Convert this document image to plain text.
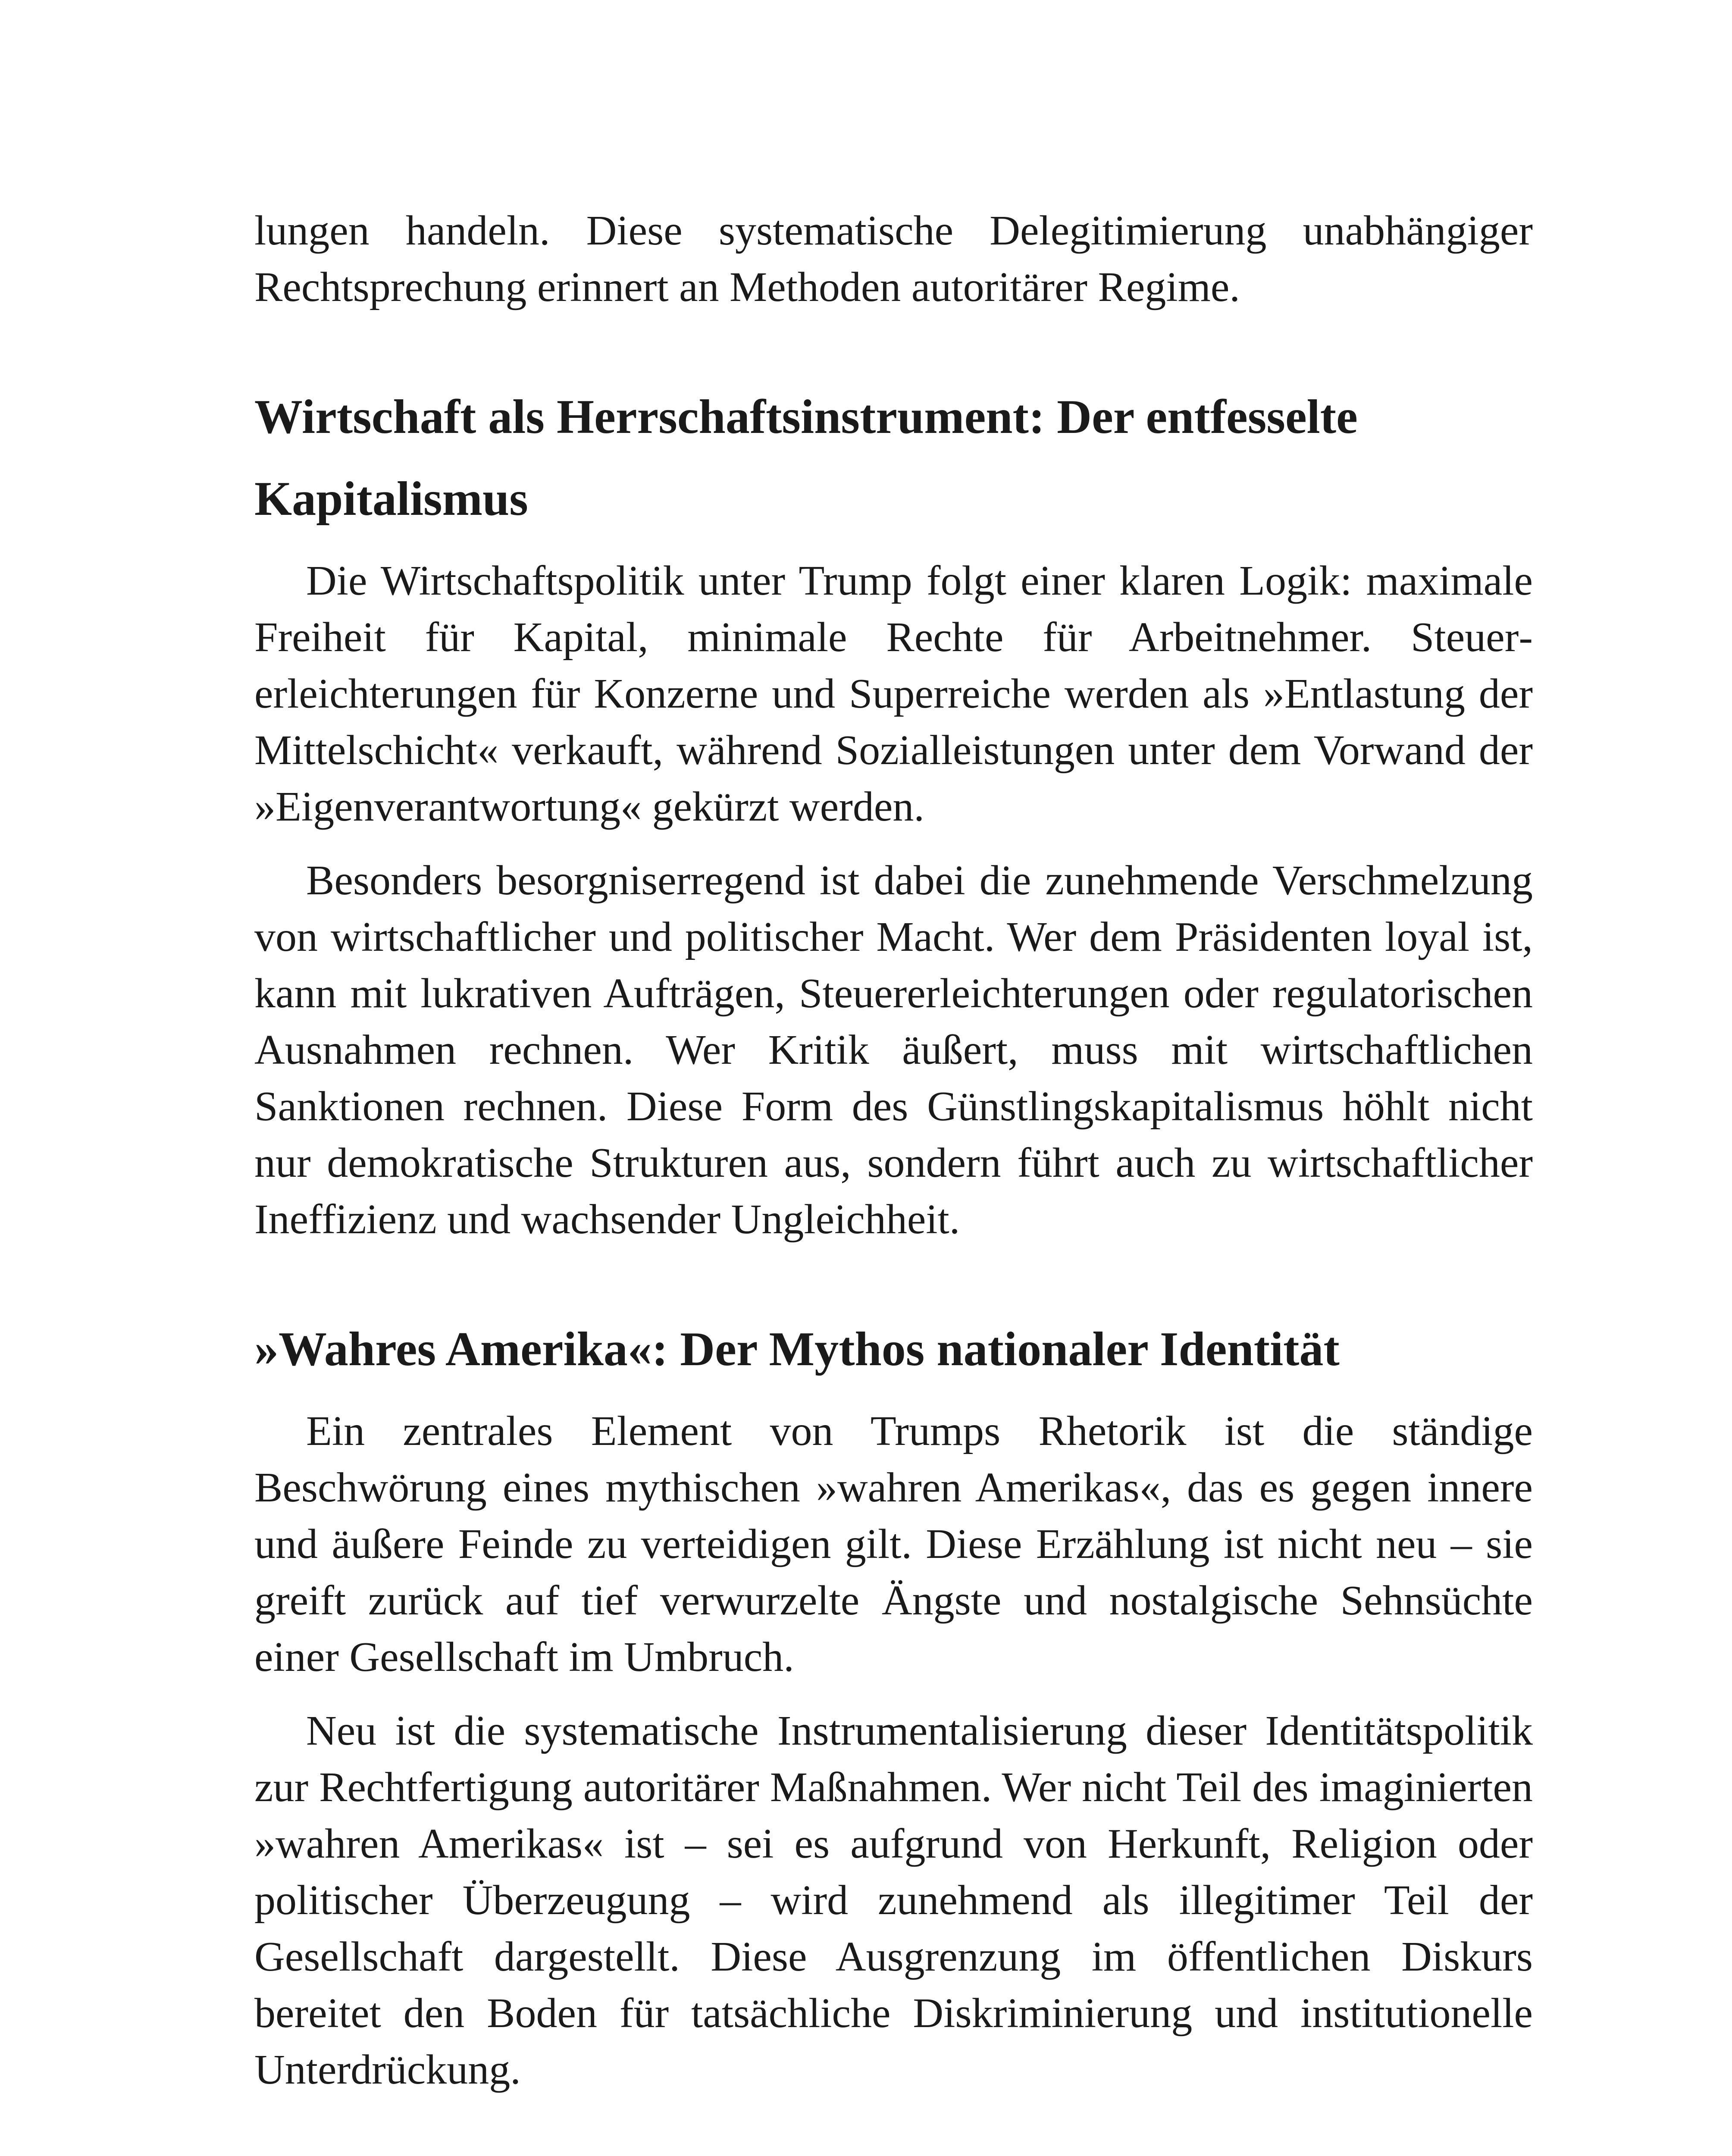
lungen handeln. Diese systematische Delegitimierung unabhängiger Rechtsprechung erinnert an Methoden autoritärer Regime.

Wirtschaft als Herrschaftsinstrument: Der entfesselte Kapitalismus

Die Wirtschaftspolitik unter Trump folgt einer klaren Logik: maximale Freiheit für Kapital, minimale Rechte für Arbeitnehmer. Steuererleichterungen für Konzerne und Superreiche werden als »Entlastung der Mittelschicht« verkauft, während Sozialleistungen unter dem Vorwand der »Eigenverantwortung« gekürzt werden.

Besonders besorgniserregend ist dabei die zunehmende Verschmelzung von wirtschaftlicher und politischer Macht. Wer dem Präsidenten loyal ist, kann mit lukrativen Aufträgen, Steuererleichterungen oder regulatorischen Ausnahmen rechnen. Wer Kritik äußert, muss mit wirtschaftlichen Sanktionen rechnen. Diese Form des Günstlingskapitalismus höhlt nicht nur demokratische Strukturen aus, sondern führt auch zu wirtschaftlicher Ineffizienz und wachsender Ungleichheit.

»Wahres Amerika«: Der Mythos nationaler Identität

Ein zentrales Element von Trumps Rhetorik ist die ständige Beschwörung eines mythischen »wahren Amerikas«, das es gegen innere und äußere Feinde zu verteidigen gilt. Diese Erzählung ist nicht neu – sie greift zurück auf tief verwurzelte Ängste und nostalgische Sehnsüchte einer Gesellschaft im Umbruch.

Neu ist die systematische Instrumentalisierung dieser Identitätspolitik zur Rechtfertigung autoritärer Maßnahmen. Wer nicht Teil des imaginierten »wahren Amerikas« ist – sei es aufgrund von Herkunft, Religion oder politischer Überzeugung – wird zunehmend als illegitimer Teil der Gesellschaft dargestellt. Diese Ausgrenzung im öffentlichen Diskurs bereitet den Boden für tatsächliche Diskriminierung und institutionelle Unterdrückung.
